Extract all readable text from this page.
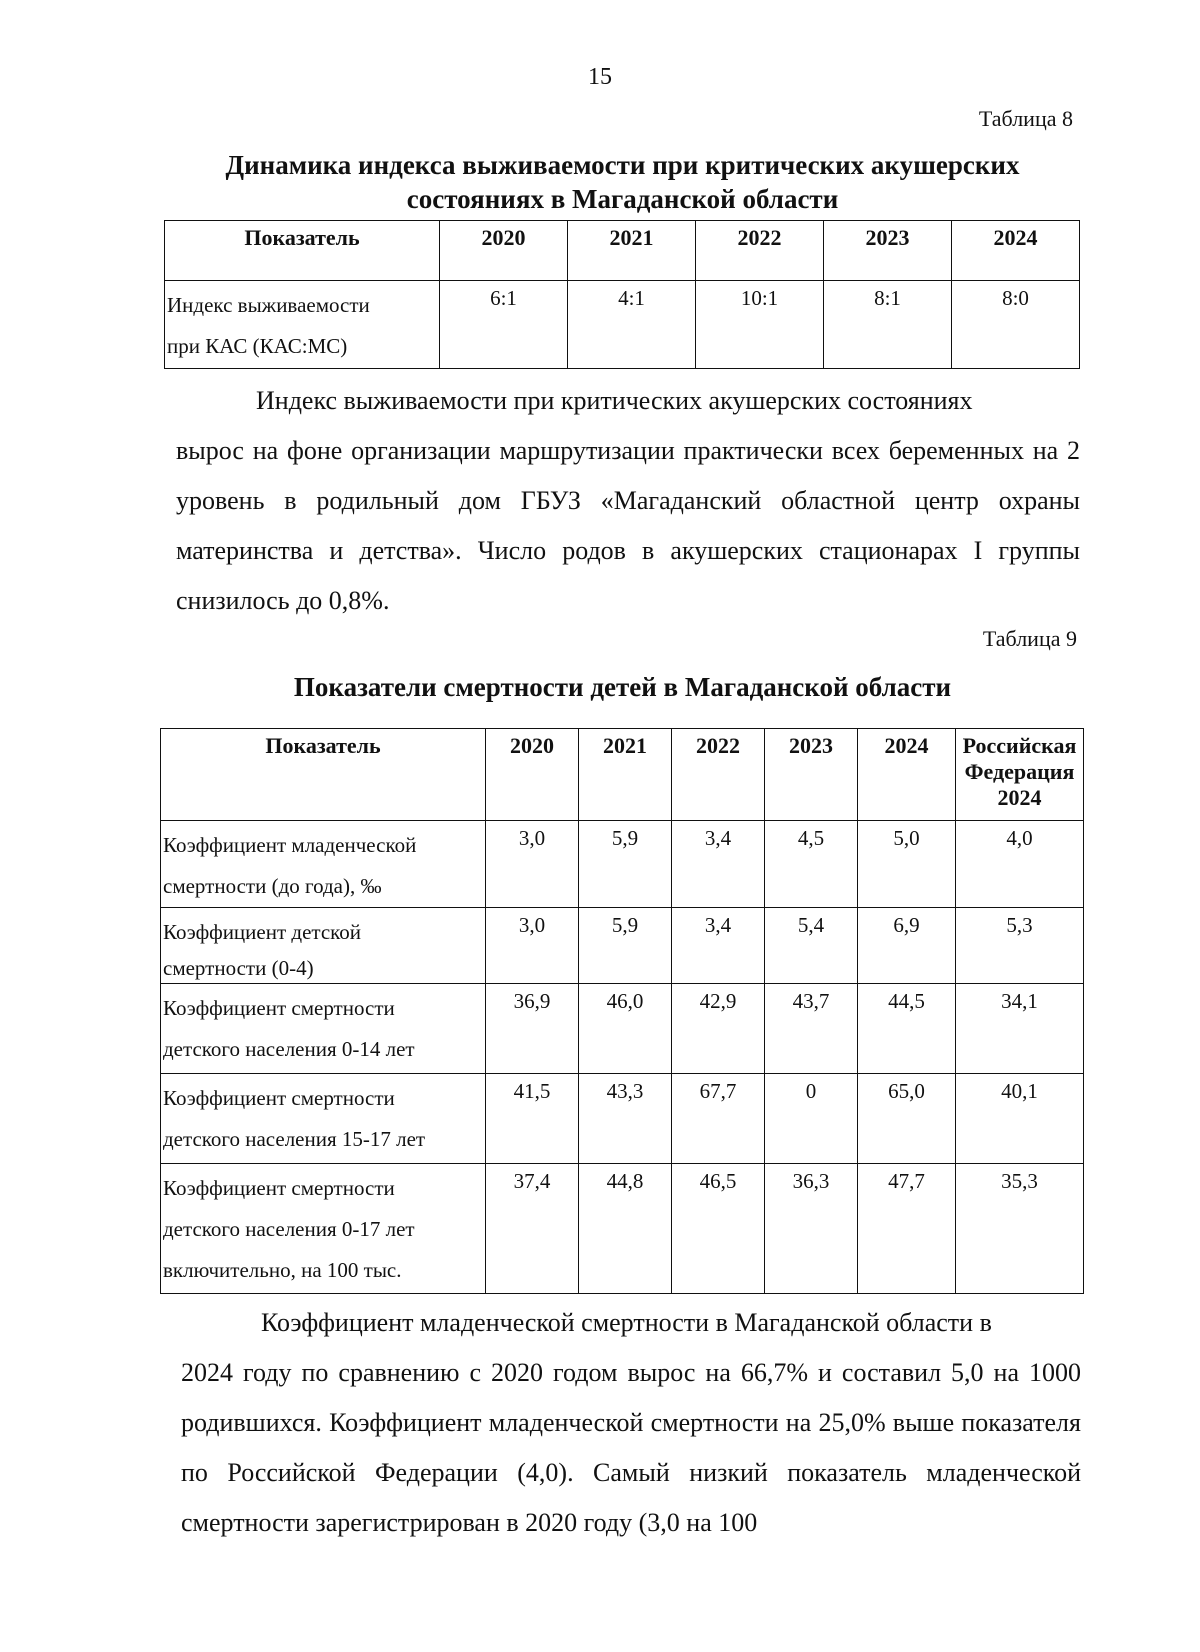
15
Таблица 8
Динамика индекса выживаемости при критических акушерских
состояниях в Магаданской области
Показатель	2020	2021	2022	2023	2024

Индекс выживаемости
при КАС (КАС:МС)	6:1	4:1	10:1	8:1	8:0
Индекс выживаемости при критических акушерских состояниях
вырос на фоне организации маршрутизации практически всех беременных на 2 уровень в родильный дом ГБУЗ «Магаданский областной центр охраны материнства и детства». Число родов в акушерских стационарах I группы снизилось до 0,8%.
Таблица 9
Показатели смертности детей в Магаданской области
Показатель	2020	2021	2022	2023	2024	Российская
Федерация
2024

Коэффициент младенческой
смертности (до года), ‰	3,0	5,9	3,4	4,5	5,0	4,0

Коэффициент детской
смертности (0-4)	3,0	5,9	3,4	5,4	6,9	5,3

Коэффициент смертности
детского населения 0-14 лет	36,9	46,0	42,9	43,7	44,5	34,1

Коэффициент смертности
детского населения 15-17 лет	41,5	43,3	67,7	0	65,0	40,1

Коэффициент смертности
детского населения 0-17 лет
включительно, на 100 тыс.	37,4	44,8	46,5	36,3	47,7	35,3
Коэффициент младенческой смертности в Магаданской области в
2024 году по сравнению с 2020 годом вырос на 66,7% и составил 5,0 на 1000 родившихся. Коэффициент младенческой смертности на 25,0% выше показателя по Российской Федерации (4,0). Самый низкий показатель младенческой смертности зарегистрирован в 2020 году (3,0 на 100
